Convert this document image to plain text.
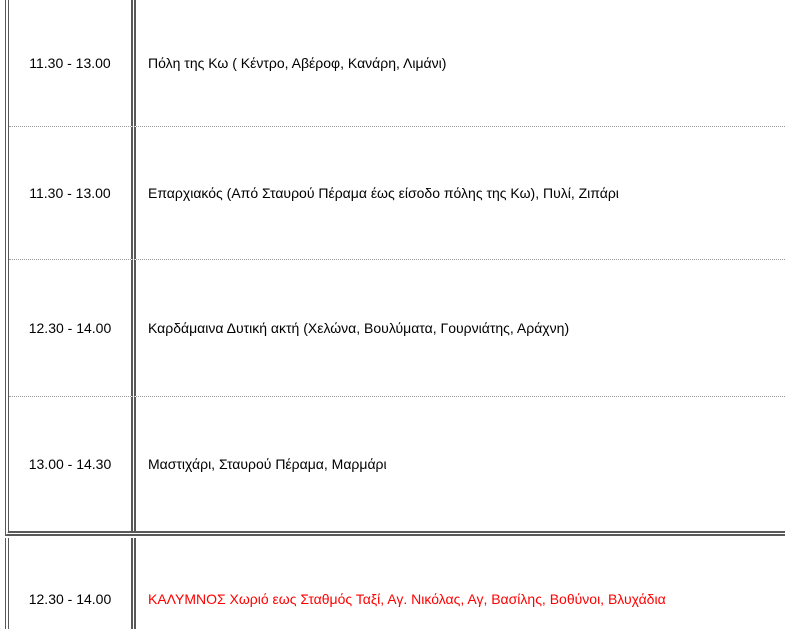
11.30 - 13.00	Πόλη της Κω ( Κέντρο, Αβέροφ, Κανάρη, Λιμάνι)
11.30 - 13.00	Επαρχιακός (Από Σταυρού Πέραμα έως είσοδο πόλης της Κω), Πυλί, Ζιπάρι
12.30 - 14.00	Καρδάμαινα Δυτική ακτή (Χελώνα, Βουλύματα, Γουρνιάτης, Αράχνη)
13.00 - 14.30	Μαστιχάρι, Σταυρού Πέραμα, Μαρμάρι
12.30 - 14.00	ΚΑΛΥΜΝΟΣ Χωριό εως Σταθμός Ταξί, Αγ. Νικόλας, Αγ, Βασίλης, Βοθύνοι, Βλυχάδια
